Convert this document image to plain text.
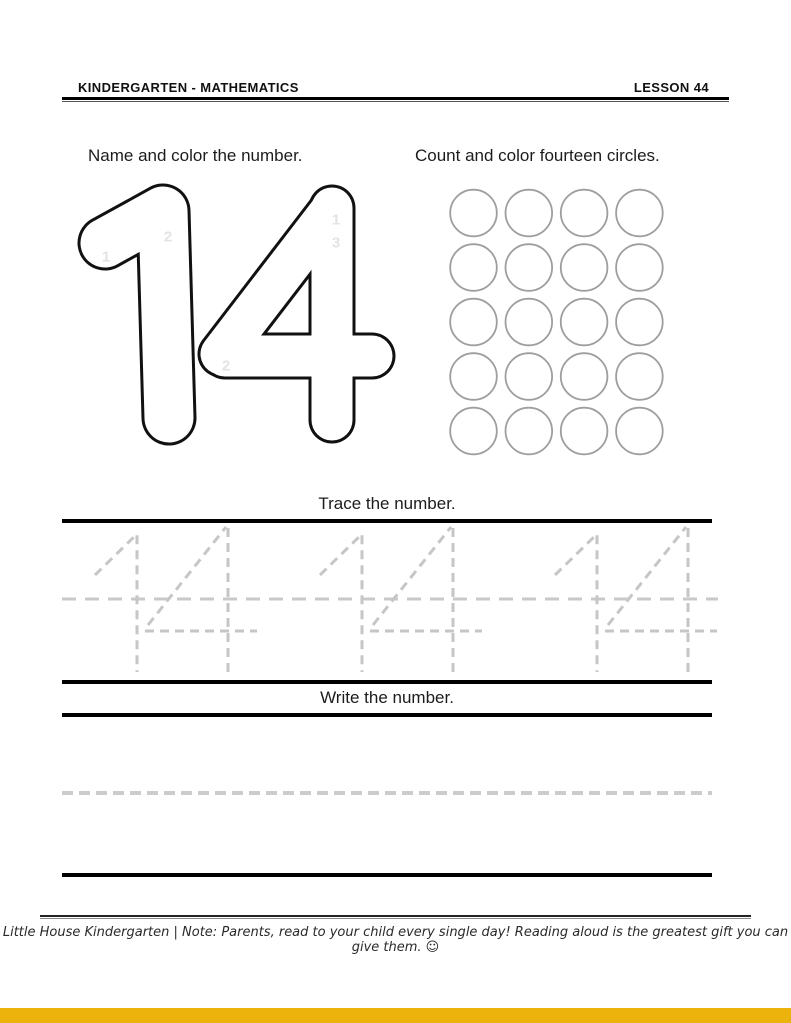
KINDERGARTEN - MATHEMATICS	LESSON 44
Name and color the number.	Count and color fourteen circles.
1
2
1
3
2
Trace the number.
Write the number.
Little House Kindergarten | Note: Parents, read to your child every single day! Reading aloud is the greatest gift you can give them. ☺
